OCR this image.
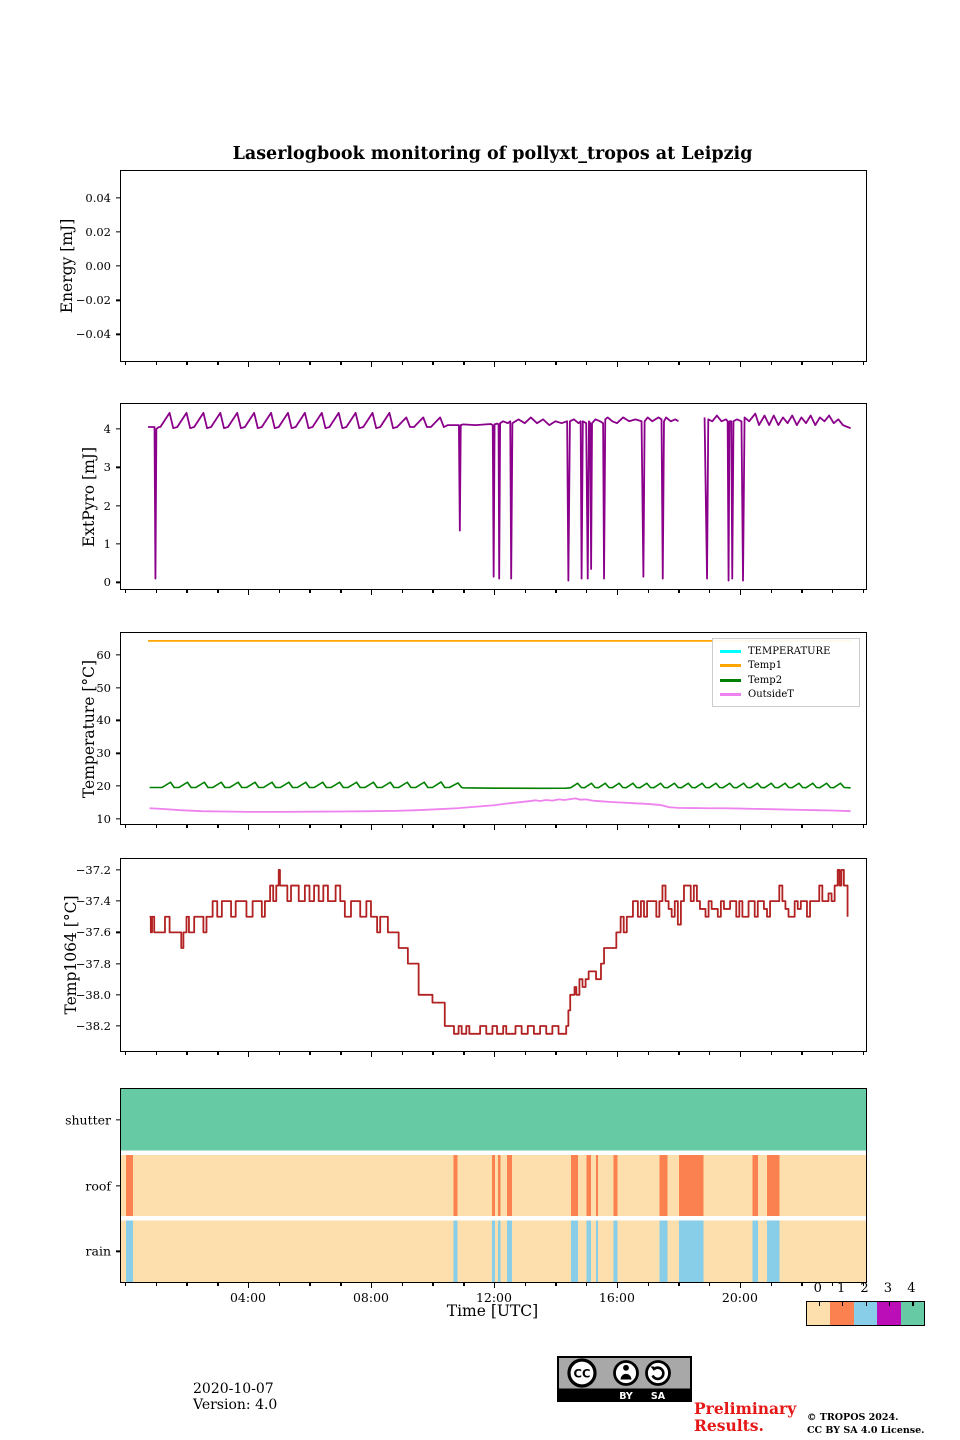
Laserlogbook monitoring of pollyxt_tropos at Leipzig
Energy [mJ]
0.04
0.02
0.00
−0.02
−0.04
ExtPyro [mJ]
4
3
2
1
0
Temperature [°C]
TEMPERATURE
Temp1
Temp2
OutsideT
60
50
40
30
20
10
Temp1064 [°C]
−37.2
−37.4
−37.6
−37.8
−38.0
−38.2
shutter
roof
rain
04:00	08:00	12:00	16:00	20:00
Time [UTC]
0	1	2	3	4
2020-10-07
Version: 4.0
CC
BY SA
Preliminary
Results.	© TROPOS 2024.
CC BY SA 4.0 License.
